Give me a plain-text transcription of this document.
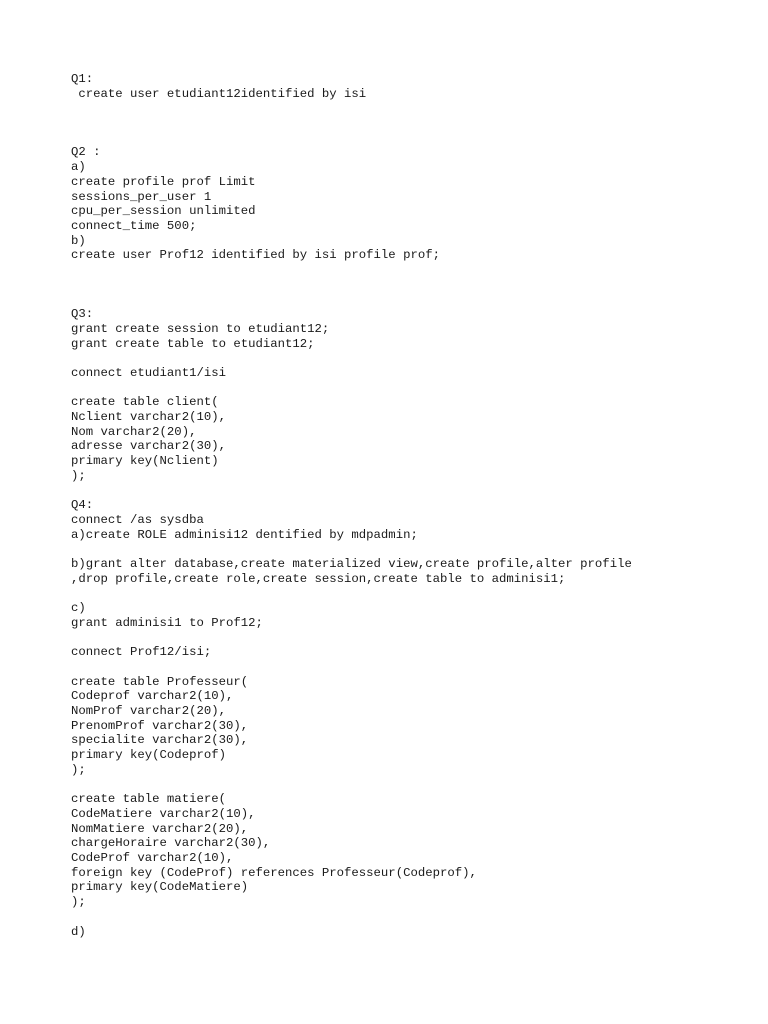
Q1:
create user etudiant12identified by isi
Q2 :
a)
create profile prof Limit
sessions_per_user 1
cpu_per_session unlimited
connect_time 500;
b)
create user Prof12 identified by isi profile prof;
Q3:
grant create session to etudiant12;
grant create table to etudiant12;
connect etudiant1/isi
create table client(
Nclient varchar2(10),
Nom varchar2(20),
adresse varchar2(30),
primary key(Nclient)
);
Q4:
connect /as sysdba
a)create ROLE adminisi12 dentified by mdpadmin;
b)grant alter database,create materialized view,create profile,alter profile
,drop profile,create role,create session,create table to adminisi1;
c)
grant adminisi1 to Prof12;
connect Prof12/isi;
create table Professeur(
Codeprof varchar2(10),
NomProf varchar2(20),
PrenomProf varchar2(30),
specialite varchar2(30),
primary key(Codeprof)
);
create table matiere(
CodeMatiere varchar2(10),
NomMatiere varchar2(20),
chargeHoraire varchar2(30),
CodeProf varchar2(10),
foreign key (CodeProf) references Professeur(Codeprof),
primary key(CodeMatiere)
);
d)
